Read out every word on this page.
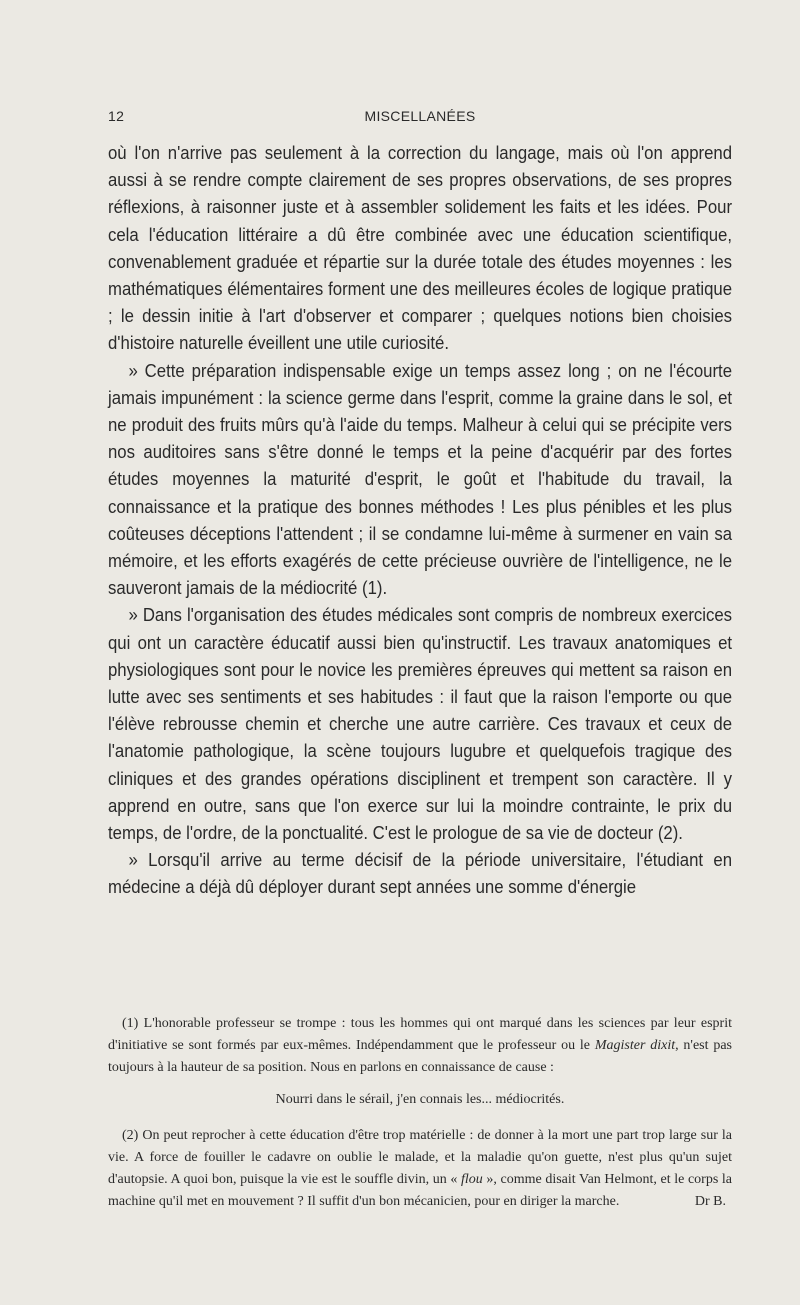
12	MISCELLANÉES

où l'on n'arrive pas seulement à la correction du langage, mais où l'on apprend aussi à se rendre compte clairement de ses propres observations, de ses propres réflexions, à raisonner juste et à assembler solidement les faits et les idées. Pour cela l'éducation littéraire a dû être combinée avec une éducation scientifique, convenablement graduée et répartie sur la durée totale des études moyennes : les mathématiques élémentaires forment une des meilleures écoles de logique pratique ; le dessin initie à l'art d'observer et comparer ; quelques notions bien choisies d'histoire naturelle éveillent une utile curiosité.

» Cette préparation indispensable exige un temps assez long ; on ne l'écourte jamais impunément : la science germe dans l'esprit, comme la graine dans le sol, et ne produit des fruits mûrs qu'à l'aide du temps. Malheur à celui qui se précipite vers nos auditoires sans s'être donné le temps et la peine d'acquérir par des fortes études moyennes la maturité d'esprit, le goût et l'habitude du travail, la connaissance et la pratique des bonnes méthodes ! Les plus pénibles et les plus coûteuses déceptions l'attendent ; il se condamne lui-même à surmener en vain sa mémoire, et les efforts exagérés de cette précieuse ouvrière de l'intelligence, ne le sauveront jamais de la médiocrité (1).

» Dans l'organisation des études médicales sont compris de nombreux exercices qui ont un caractère éducatif aussi bien qu'instructif. Les travaux anatomiques et physiologiques sont pour le novice les premières épreuves qui mettent sa raison en lutte avec ses sentiments et ses habitudes : il faut que la raison l'emporte ou que l'élève rebrousse chemin et cherche une autre carrière. Ces travaux et ceux de l'anatomie pathologique, la scène toujours lugubre et quelquefois tragique des cliniques et des grandes opérations disciplinent et trempent son caractère. Il y apprend en outre, sans que l'on exerce sur lui la moindre contrainte, le prix du temps, de l'ordre, de la ponctualité. C'est le prologue de sa vie de docteur (2).

» Lorsqu'il arrive au terme décisif de la période universitaire, l'étudiant en médecine a déjà dû déployer durant sept années une somme d'énergie

(1) L'honorable professeur se trompe : tous les hommes qui ont marqué dans les sciences par leur esprit d'initiative se sont formés par eux-mêmes. Indépendamment que le professeur ou le Magister dixit, n'est pas toujours à la hauteur de sa position. Nous en parlons en connaissance de cause :

Nourri dans le sérail, j'en connais les... médiocrités.

(2) On peut reprocher à cette éducation d'être trop matérielle : de donner à la mort une part trop large sur la vie. A force de fouiller le cadavre on oublie le malade, et la maladie qu'on guette, n'est plus qu'un sujet d'autopsie. A quoi bon, puisque la vie est le souffle divin, un « flou », comme disait Van Helmont, et le corps la machine qu'il met en mouvement ? Il suffit d'un bon mécanicien, pour en diriger la marche.	Dr B.
